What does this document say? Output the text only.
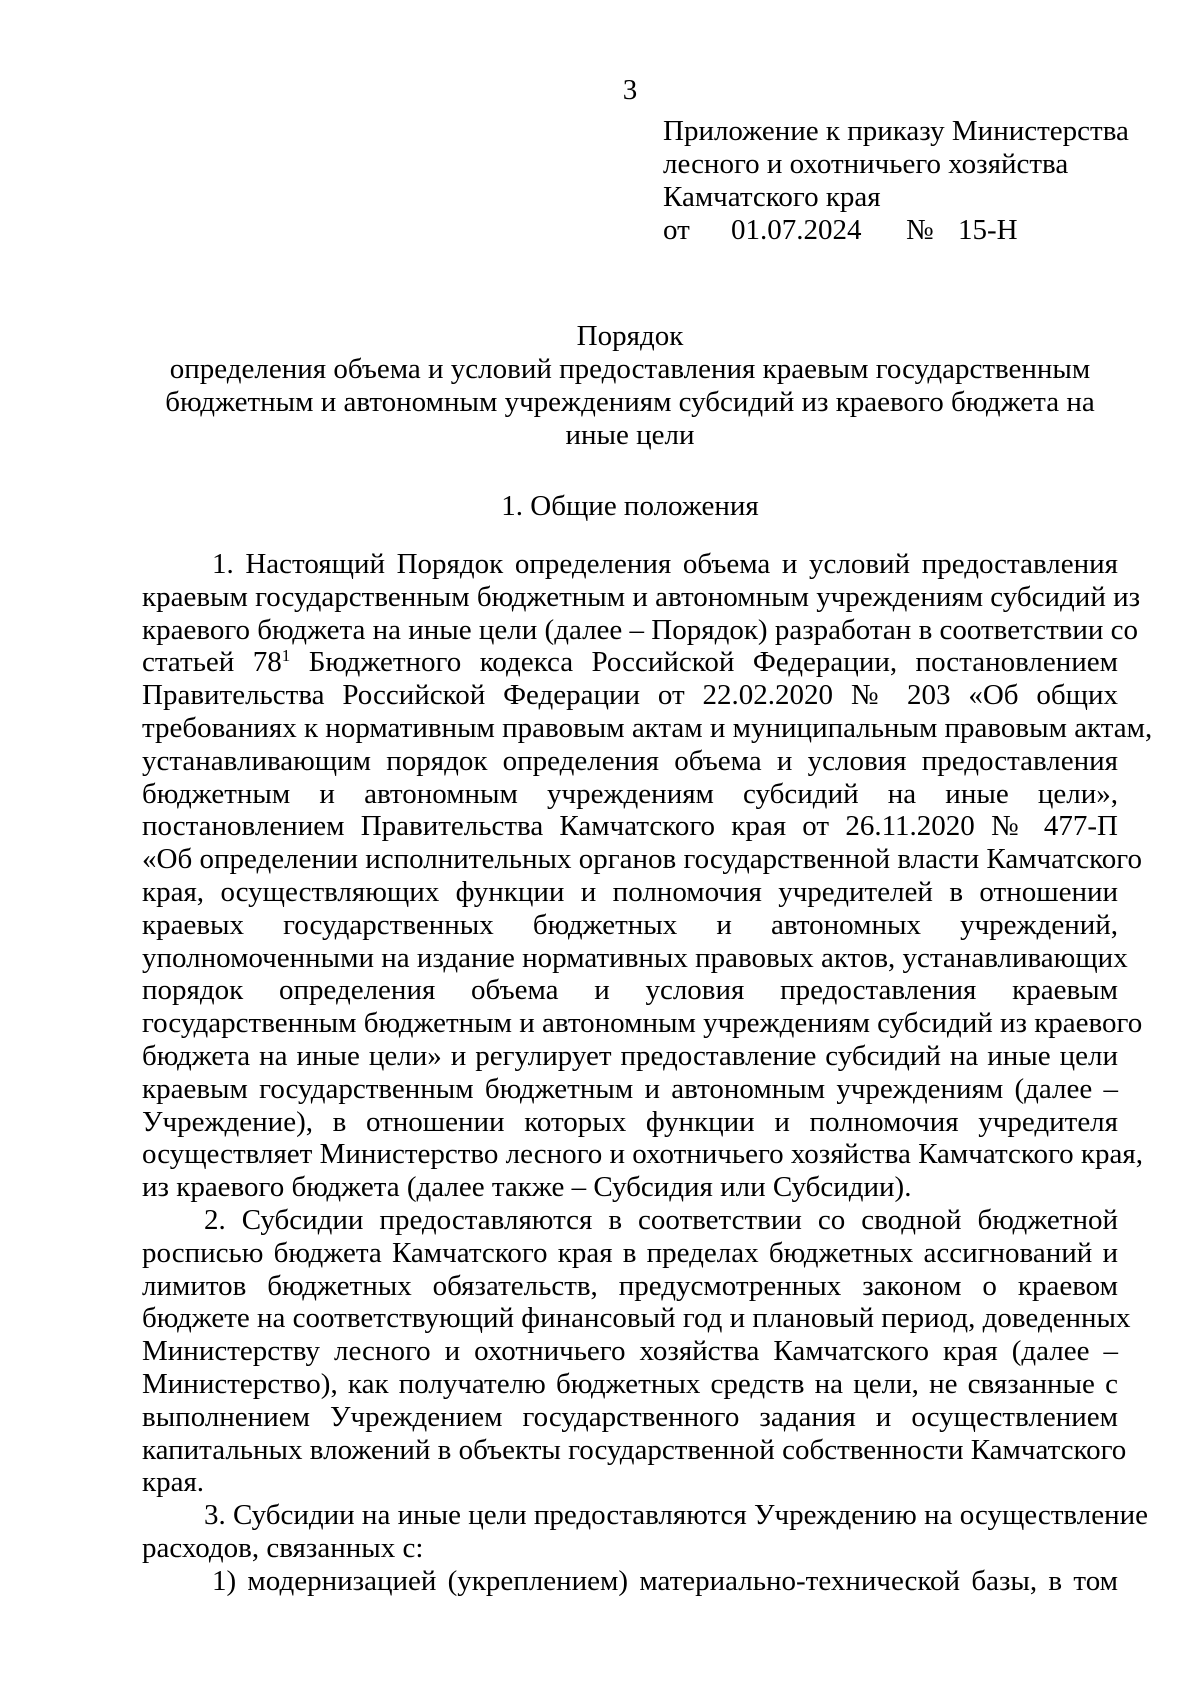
3
Приложение к приказу Министерства
лесного и охотничьего хозяйства
Камчатского края
от 01.07.2024 № 15-Н
Порядок
определения объема и условий предоставления краевым государственным
бюджетным и автономным учреждениям субсидий из краевого бюджета на
иные цели
1. Общие положения
1. Настоящий Порядок определения объема и условий предоставления
краевым государственным бюджетным и автономным учреждениям субсидий из
краевого бюджета на иные цели (далее – Порядок) разработан в соответствии со
статьей $78^1$ Бюджетного кодекса Российской Федерации, постановлением
Правительства Российской Федерации от 22.02.2020 № 203 «Об общих
требованиях к нормативным правовым актам и муниципальным правовым актам,
устанавливающим порядок определения объема и условия предоставления
бюджетным и автономным учреждениям субсидий на иные цели»,
постановлением Правительства Камчатского края от 26.11.2020 № 477-П
«Об определении исполнительных органов государственной власти Камчатского
края, осуществляющих функции и полномочия учредителей в отношении
краевых государственных бюджетных и автономных учреждений,
уполномоченными на издание нормативных правовых актов, устанавливающих
порядок определения объема и условия предоставления краевым
государственным бюджетным и автономным учреждениям субсидий из краевого
бюджета на иные цели» и регулирует предоставление субсидий на иные цели
краевым государственным бюджетным и автономным учреждениям (далее –
Учреждение), в отношении которых функции и полномочия учредителя
осуществляет Министерство лесного и охотничьего хозяйства Камчатского края,
из краевого бюджета (далее также – Субсидия или Субсидии).
2. Субсидии предоставляются в соответствии со сводной бюджетной
росписью бюджета Камчатского края в пределах бюджетных ассигнований и
лимитов бюджетных обязательств, предусмотренных законом о краевом
бюджете на соответствующий финансовый год и плановый период, доведенных
Министерству лесного и охотничьего хозяйства Камчатского края (далее –
Министерство), как получателю бюджетных средств на цели, не связанные с
выполнением Учреждением государственного задания и осуществлением
капитальных вложений в объекты государственной собственности Камчатского
края.
3. Субсидии на иные цели предоставляются Учреждению на осуществление
расходов, связанных с:
1) модернизацией (укреплением) материально-технической базы, в том
